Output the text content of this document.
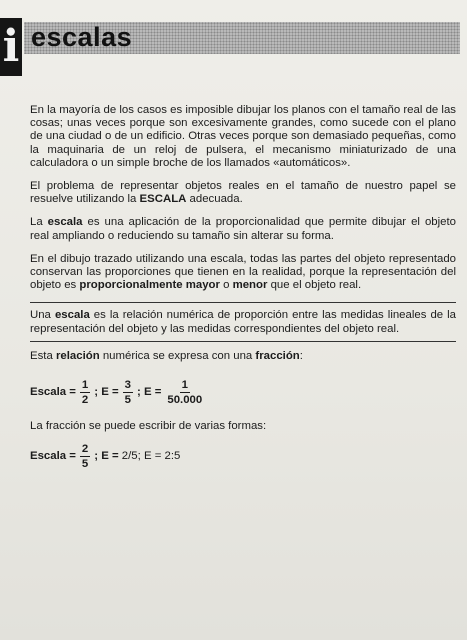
i escalas

En la mayoría de los casos es imposible dibujar los planos con el tamaño real de las cosas; unas veces porque son excesivamente grandes, como sucede con el plano de una ciudad o de un edificio. Otras veces porque son demasiado pequeñas, como la maquinaria de un reloj de pulsera, el mecanismo miniaturizado de una calculadora o un simple broche de los llamados «automáticos».

El problema de representar objetos reales en el tamaño de nuestro papel se resuelve utilizando la ESCALA adecuada.

La escala es una aplicación de la proporcionalidad que permite dibujar el objeto real ampliando o reduciendo su tamaño sin alterar su forma.

En el dibujo trazado utilizando una escala, todas las partes del objeto representado conservan las proporciones que tienen en la realidad, porque la representación del objeto es proporcionalmente mayor o menor que el objeto real.

Una escala es la relación numérica de proporción entre las medidas lineales de la representación del objeto y las medidas correspondientes del objeto real.

Esta relación numérica se expresa con una fracción:

Escala = $\frac{1}{2}$ ; $E = \frac{3}{5}$ ; $E = \frac{1}{50.000}$

La fracción se puede escribir de varias formas:

Escala = $\frac{2}{5}$ ; E = 2/5; E = 2:5
